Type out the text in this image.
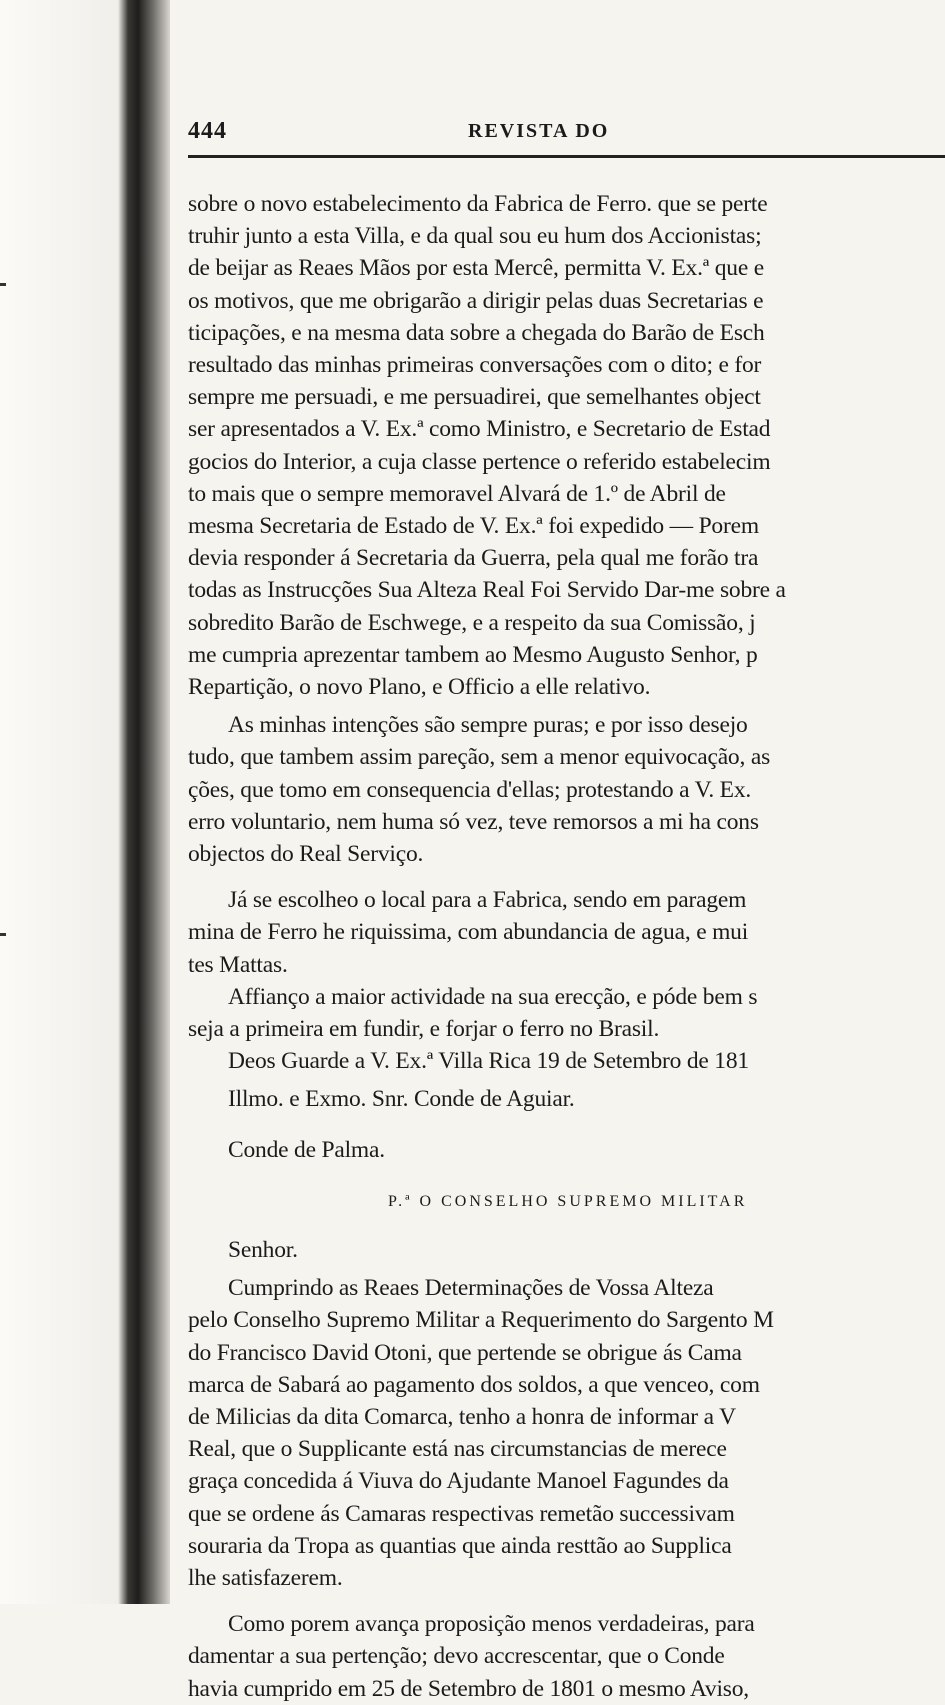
444	REVISTA DO
sobre o novo estabelecimento da Fabrica de Ferro. que se perte
truhir junto a esta Villa, e da qual sou eu hum dos Accionistas;
de beijar as Reaes Mãos por esta Mercê, permitta V. Ex.ª que e
os motivos, que me obrigarão a dirigir pelas duas Secretarias e
ticipações, e na mesma data sobre a chegada do Barão de Esch
resultado das minhas primeiras conversações com o dito; e for
sempre me persuadi, e me persuadirei, que semelhantes object
ser apresentados a V. Ex.ª como Ministro, e Secretario de Estad
gocios do Interior, a cuja classe pertence o referido estabelecim
to mais que o sempre memoravel Alvará de 1.º de Abril de
mesma Secretaria de Estado de V. Ex.ª foi expedido — Porem
devia responder á Secretaria da Guerra, pela qual me forão tra
todas as Instrucções Sua Alteza Real Foi Servido Dar-me sobre a
sobredito Barão de Eschwege, e a respeito da sua Comissão, j
me cumpria aprezentar tambem ao Mesmo Augusto Senhor, p
Repartição, o novo Plano, e Officio a elle relativo.
As minhas intenções são sempre puras; e por isso desejo
tudo, que tambem assim pareção, sem a menor equivocação, as
ções, que tomo em consequencia d'ellas; protestando a V. Ex.
erro voluntario, nem huma só vez, teve remorsos a mi ha cons
objectos do Real Serviço.
Já se escolheo o local para a Fabrica, sendo em paragem
mina de Ferro he riquissima, com abundancia de agua, e mui
tes Mattas.
Affianço a maior actividade na sua erecção, e póde bem s
seja a primeira em fundir, e forjar o ferro no Brasil.
Deos Guarde a V. Ex.ª Villa Rica 19 de Setembro de 181
Illmo. e Exmo. Snr. Conde de Aguiar.
Conde de Palma.
P.ª O CONSELHO SUPREMO MILITAR
Senhor.
Cumprindo as Reaes Determinações de Vossa Alteza
pelo Conselho Supremo Militar a Requerimento do Sargento M
do Francisco David Otoni, que pertende se obrigue ás Cama
marca de Sabará ao pagamento dos soldos, a que venceo, com
de Milicias da dita Comarca, tenho a honra de informar a V
Real, que o Supplicante está nas circumstancias de merece
graça concedida á Viuva do Ajudante Manoel Fagundes da
que se ordene ás Camaras respectivas remetão successivam
souraria da Tropa as quantias que ainda resttão ao Supplica
lhe satisfazerem.
Como porem avança proposição menos verdadeiras, para
damentar a sua pertenção; devo accrescentar, que o Conde
havia cumprido em 25 de Setembro de 1801 o mesmo Aviso,
